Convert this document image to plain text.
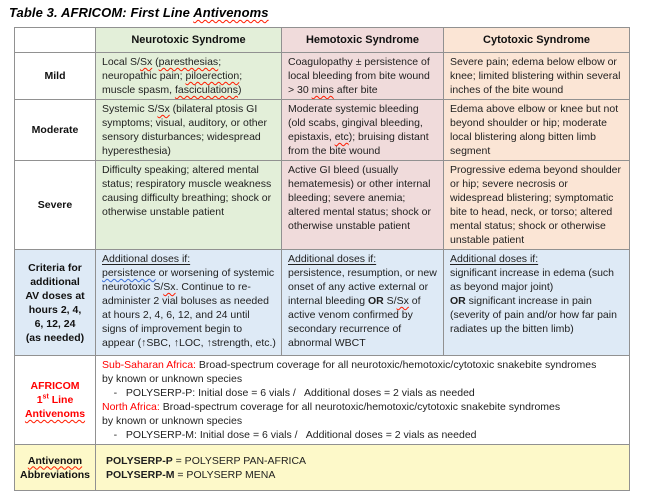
Table 3. AFRICOM: First Line Antivenoms
	Neurotoxic Syndrome	Hemotoxic Syndrome	Cytotoxic Syndrome
Mild	Local S/Sx (paresthesias; neuropathic pain; piloerection; muscle spasm, fasciculations)	Coagulopathy ± persistence of local bleeding from bite wound > 30 mins after bite	Severe pain; edema below elbow or knee; limited blistering within several inches of the bite wound
Moderate	Systemic S/Sx (bilateral ptosis GI symptoms; visual, auditory, or other sensory disturbances; widespread hyperesthesia)	Moderate systemic bleeding (old scabs, gingival bleeding, epistaxis, etc); bruising distant from the bite wound	Edema above elbow or knee but not beyond shoulder or hip; moderate local blistering along bitten limb segment
Severe	Difficulty speaking; altered mental status; respiratory muscle weakness causing difficulty breathing; shock or otherwise unstable patient	Active GI bleed (usually hematemesis) or other internal bleeding; severe anemia; altered mental status; shock or otherwise unstable patient	Progressive edema beyond shoulder or hip; severe necrosis or widespread blistering; symptomatic bite to head, neck, or torso; altered mental status; shock or otherwise unstable patient
Criteria for
additional
AV doses at
hours 2, 4,
6, 12, 24
(as needed)	Additional doses if:
persistence or worsening of systemic neurotoxic S/Sx. Continue to re-administer 2 vial boluses as needed at hours 2, 4, 6, 12, and 24 until signs of improvement begin to appear (↑SBC, ↑LOC, ↑strength, etc.)	Additional doses if:
persistence, resumption, or new onset of any active external or internal bleeding OR S/Sx of active venom confirmed by secondary recurrence of abnormal WBCT	Additional doses if:
significant increase in edema (such as beyond major joint)
OR significant increase in pain (severity of pain and/or how far pain radiates up the bitten limb)
AFRICOM
1st Line
Antivenoms	Sub-Saharan Africa: Broad-spectrum coverage for all neurotoxic/hemotoxic/cytotoxic snakebite syndromes
by known or unknown species
-   POLYSERP-P: Initial dose = 6 vials /   Additional doses = 2 vials as needed
North Africa: Broad-spectrum coverage for all neurotoxic/hemotoxic/cytotoxic snakebite syndromes
by known or unknown species
-   POLYSERP-M: Initial dose = 6 vials /   Additional doses = 2 vials as needed
Antivenom
Abbreviations	POLYSERP-P = POLYSERP PAN-AFRICA
POLYSERP-M = POLYSERP MENA		
